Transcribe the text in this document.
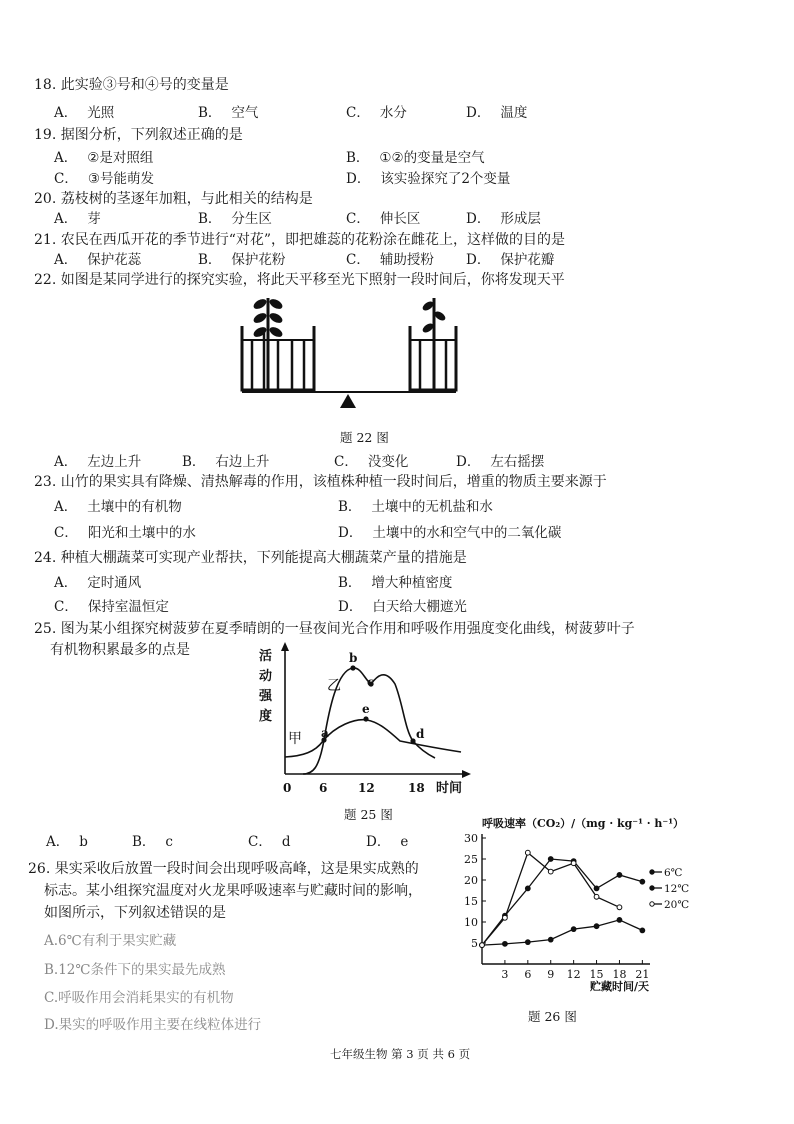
18. 此实验③号和④号的变量是
A． 光照	B． 空气	C． 水分	D． 温度
19. 据图分析，下列叙述正确的是
A． ②是对照组	B． ①②的变量是空气
C． ③号能萌发	D． 该实验探究了2个变量
20. 荔枝树的茎逐年加粗，与此相关的结构是
A． 芽	B． 分生区	C． 伸长区	D． 形成层
21. 农民在西瓜开花的季节进行“对花”，即把雄蕊的花粉涂在雌花上，这样做的目的是
A． 保护花蕊	B． 保护花粉	C． 辅助授粉 D． 保护花瓣
22. 如图是某同学进行的探究实验，将此天平移至光下照射一段时间后，你将发现天平
题 22 图
A． 左边上升	B． 右边上升	C． 没变化	D． 左右摇摆
23. 山竹的果实具有降燥、清热解毒的作用，该植株种植一段时间后，增重的物质主要来源于
A． 土壤中的有机物	B． 土壤中的无机盐和水
C． 阳光和土壤中的水	D． 土壤中的水和空气中的二氧化碳
24. 种植大棚蔬菜可实现产业帮扶，下列能提高大棚蔬菜产量的措施是
A． 定时通风	B． 增大种植密度
C． 保持室温恒定	D． 白天给大棚遮光
25. 图为某小组探究树菠萝在夏季晴朗的一昼夜间光合作用和呼吸作用强度变化曲线，树菠萝叶子
有机物积累最多的点是	活
动
强
度
a
b
c
d
e
乙
甲
0 6	12	18 时间
题 25 图
A． b	B． c	C． d	D． e
26. 果实采收后放置一段时间会出现呼吸高峰，这是果实成熟的
标志。某小组探究温度对火龙果呼吸速率与贮藏时间的影响，
如图所示，下列叙述错误的是
A.6℃有利于果实贮藏
B.12℃条件下的果实最先成熟
C.呼吸作用会消耗果实的有机物
D.果实的呼吸作用主要在线粒体进行
呼吸速率（CO₂）/（mg · kg⁻¹ · h⁻¹）
贮藏时间/天
5
10
15
20
25
30
3 6 9 12 15 18 21
6℃
12℃
20℃
题 26 图
七年级生物 第 3 页 共 6 页
